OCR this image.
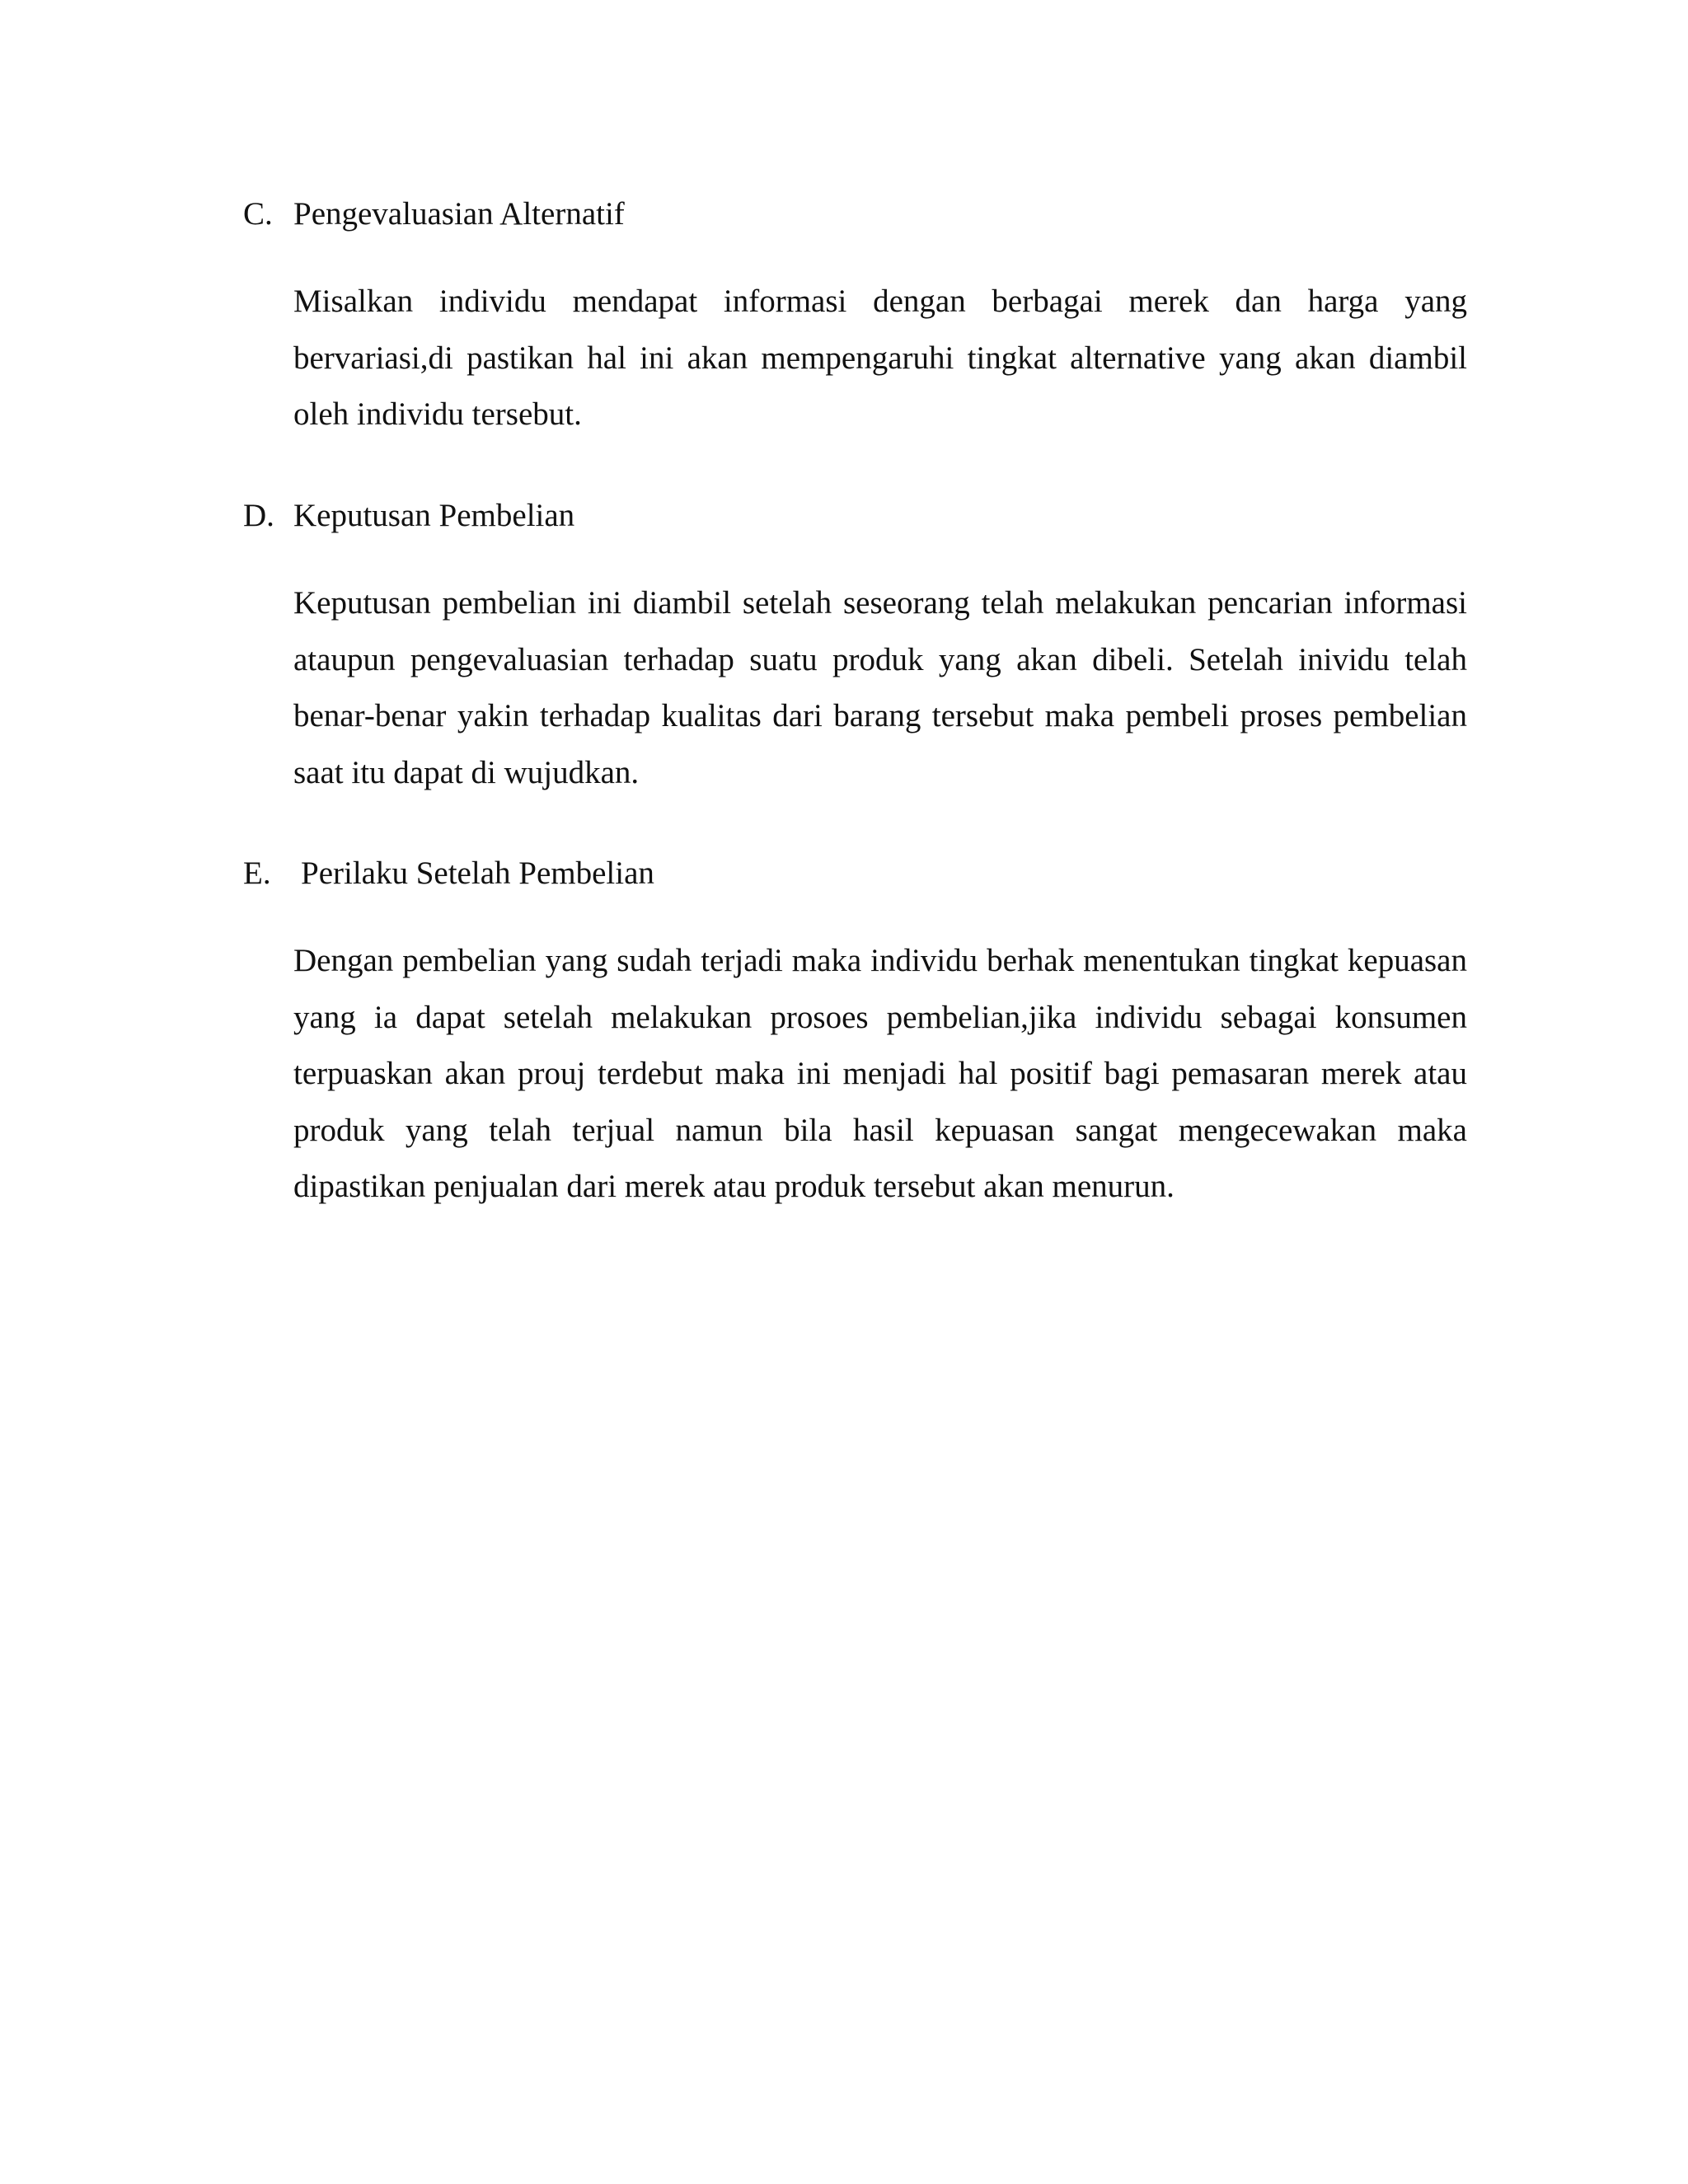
C. Pengevaluasian Alternatif

Misalkan individu mendapat informasi dengan berbagai merek dan harga yang bervariasi,di pastikan hal ini akan mempengaruhi tingkat alternative yang akan diambil oleh individu tersebut.

D. Keputusan Pembelian

Keputusan pembelian ini diambil setelah seseorang telah melakukan pencarian informasi ataupun pengevaluasian terhadap suatu produk yang akan dibeli. Setelah inividu telah benar-benar yakin terhadap kualitas dari barang tersebut maka pembeli proses pembelian saat itu dapat di wujudkan.

E. Perilaku Setelah Pembelian

Dengan pembelian yang sudah terjadi maka individu berhak menentukan tingkat kepuasan yang ia dapat setelah melakukan prosoes pembelian,jika individu sebagai konsumen terpuaskan akan prouj terdebut maka ini menjadi hal positif bagi pemasaran merek atau produk yang telah terjual namun bila hasil kepuasan sangat mengecewakan maka dipastikan penjualan dari merek atau produk tersebut akan menurun.
